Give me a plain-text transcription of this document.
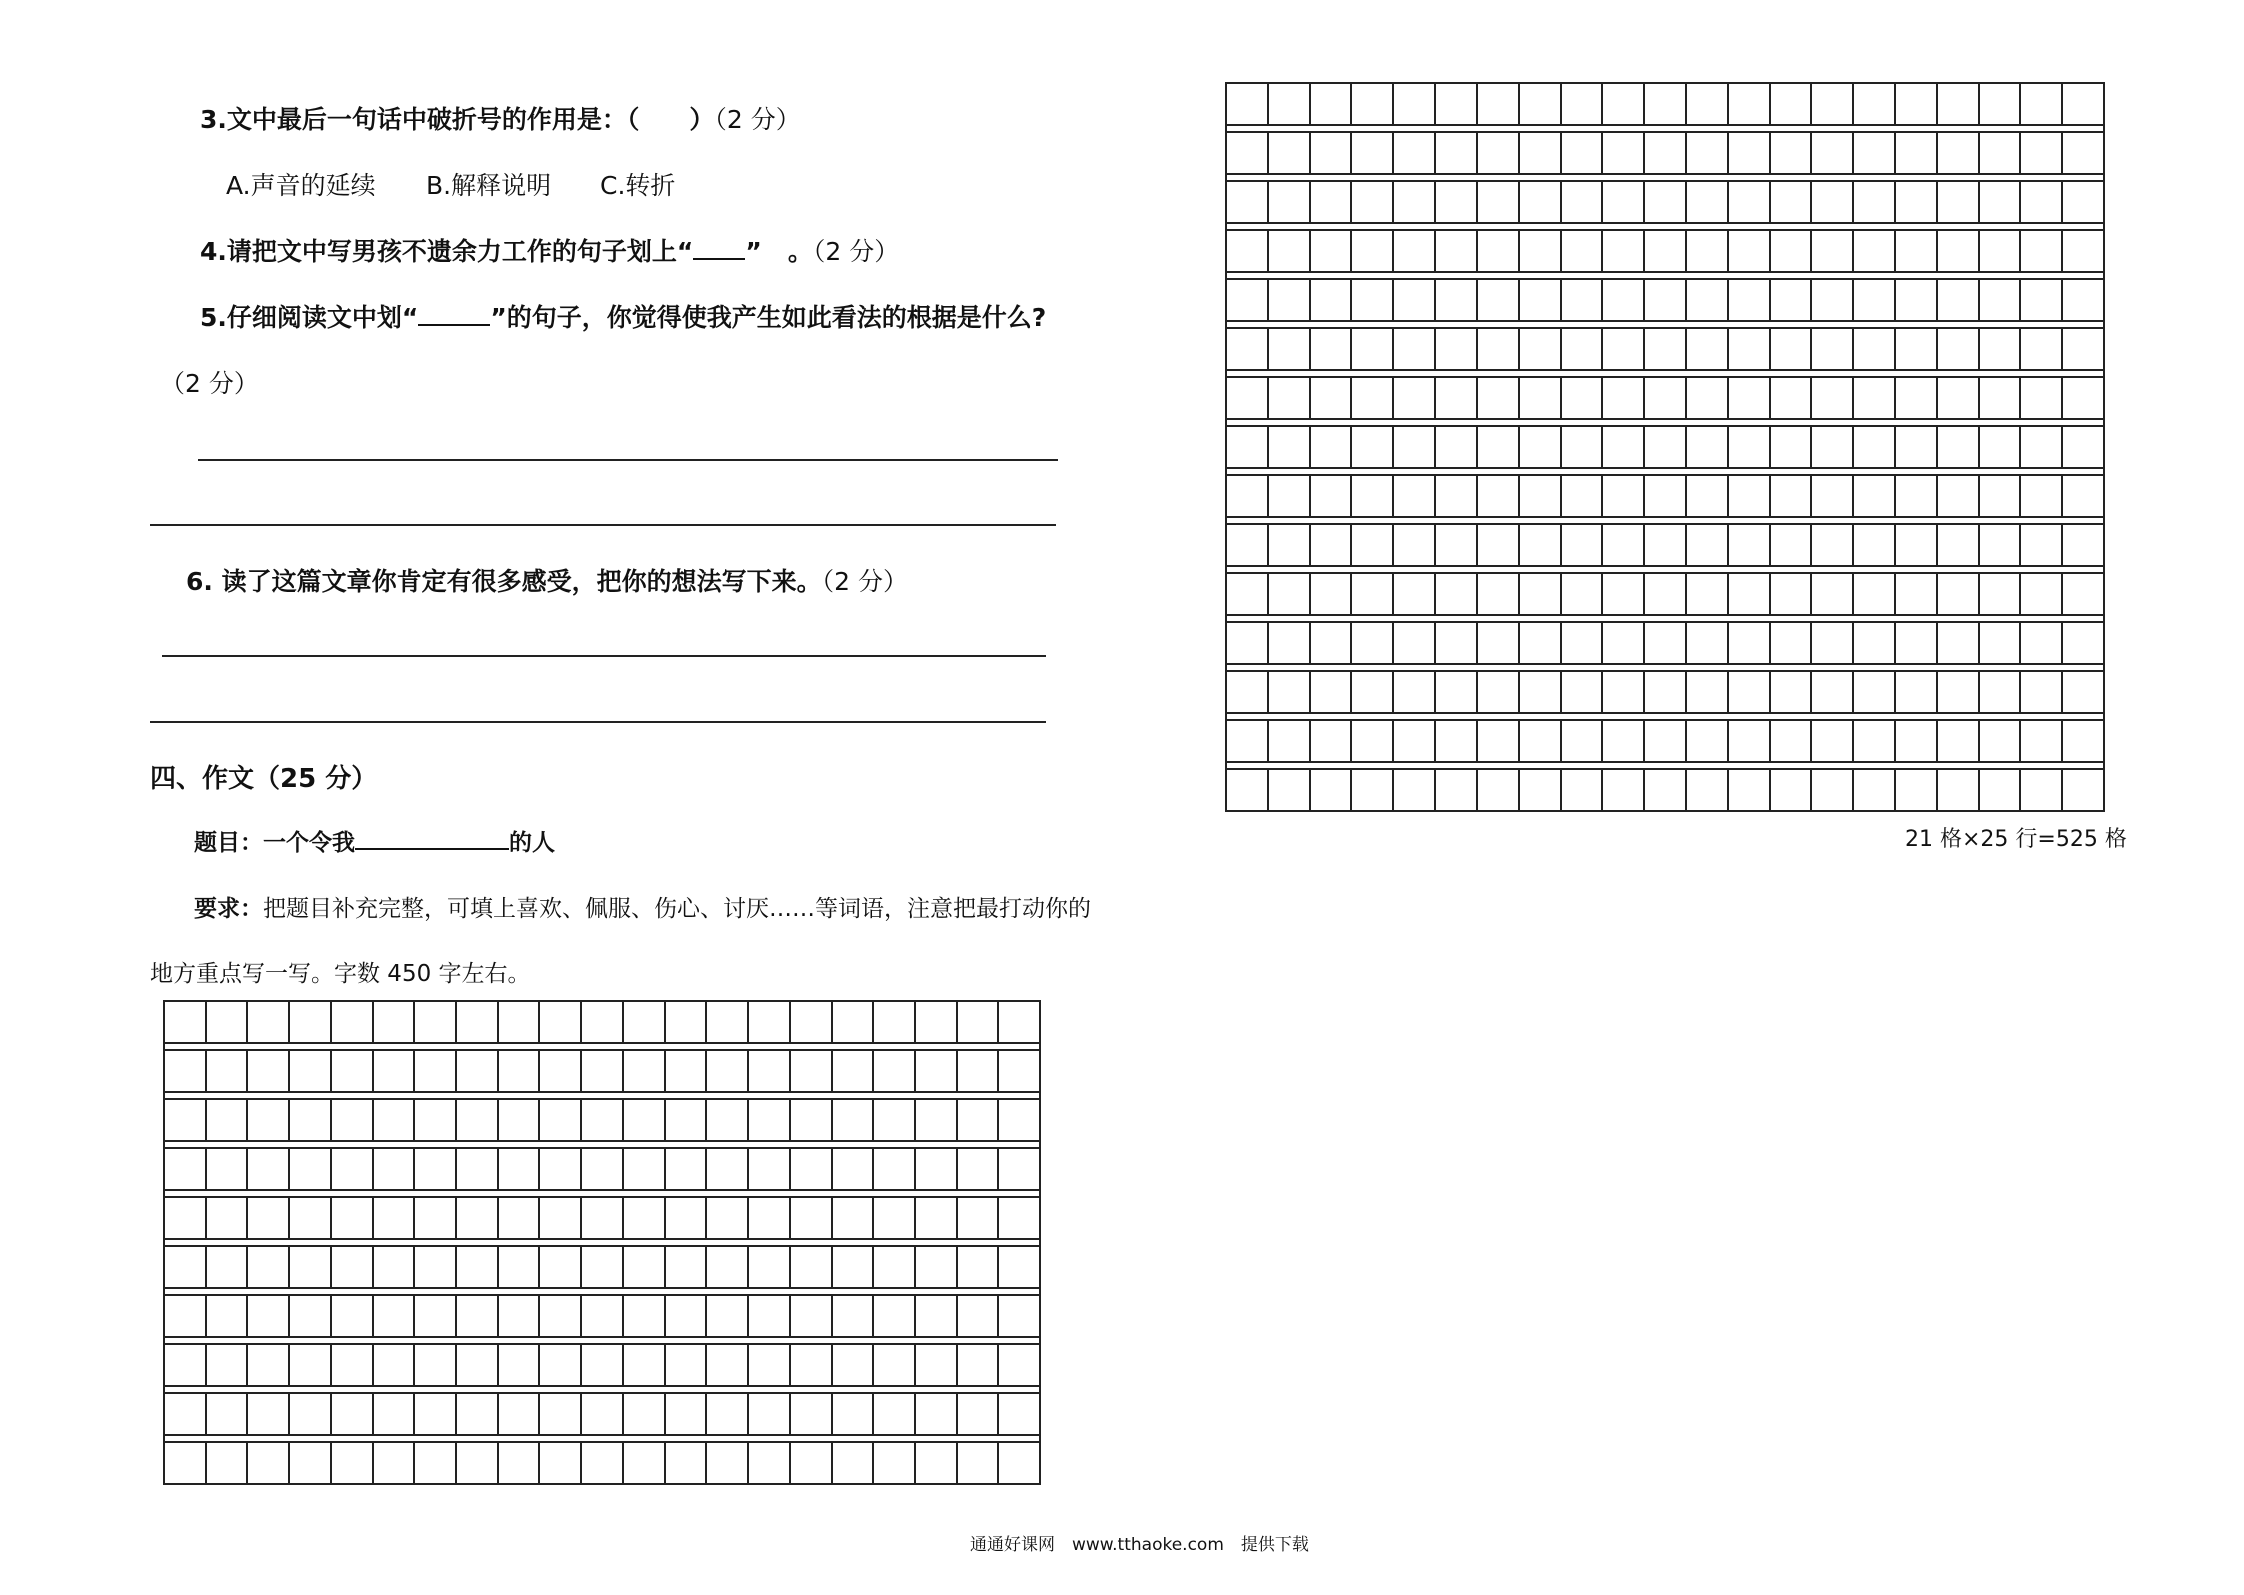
3.文中最后一句话中破折号的作用是：（　　）（2 分）
A.声音的延续 B.解释说明 C.转折
4.请把文中写男孩不遗余力工作的句子划上“ ” 。（2 分）
5.仔细阅读文中划“	”的句子，你觉得使我产生如此看法的根据是什么?
（2 分）
6. 读了这篇文章你肯定有很多感受，把你的想法写下来。（2 分）
四、作文（25 分）
题目：一个令我	的人
要求：把题目补充完整，可填上喜欢、佩服、伤心、讨厌……等词语，注意把最打动你的
地方重点写一写。字数 450 字左右。
21 格×25 行=525 格
通通好课网　www.tthaoke.com　提供下载
